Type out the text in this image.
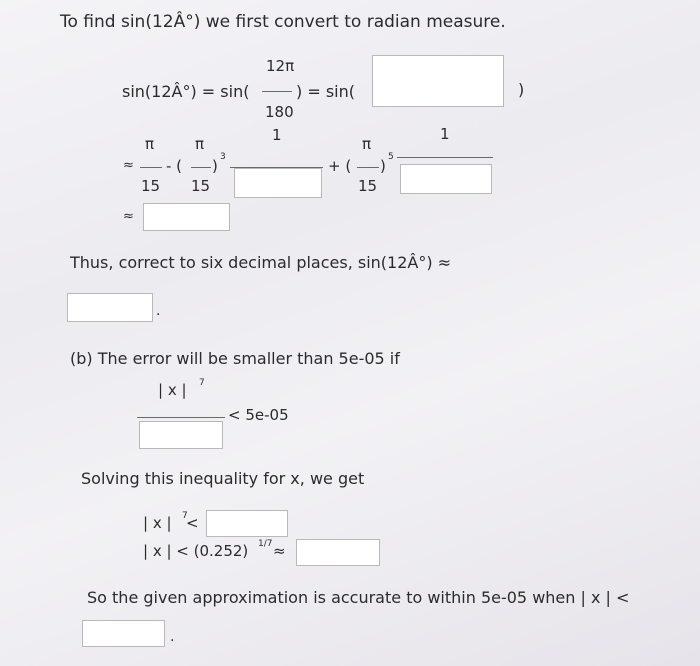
To find sin(12Â°) we first convert to radian measure.
sin(12Â°) = sin(
12π
180
) = sin(	)
≈
π
15
- (
π
15
) 3
1
+ (
π
15
) 5
1
≈
Thus, correct to six decimal places, sin(12Â°) ≈
.
(b) The error will be smaller than 5e-05 if
| x | 7
< 5e-05
Solving this inequality for x, we get
| x | 7
<
| x | < (0.252) 1/7 ≈
So the given approximation is accurate to within 5e-05 when | x | <
.
